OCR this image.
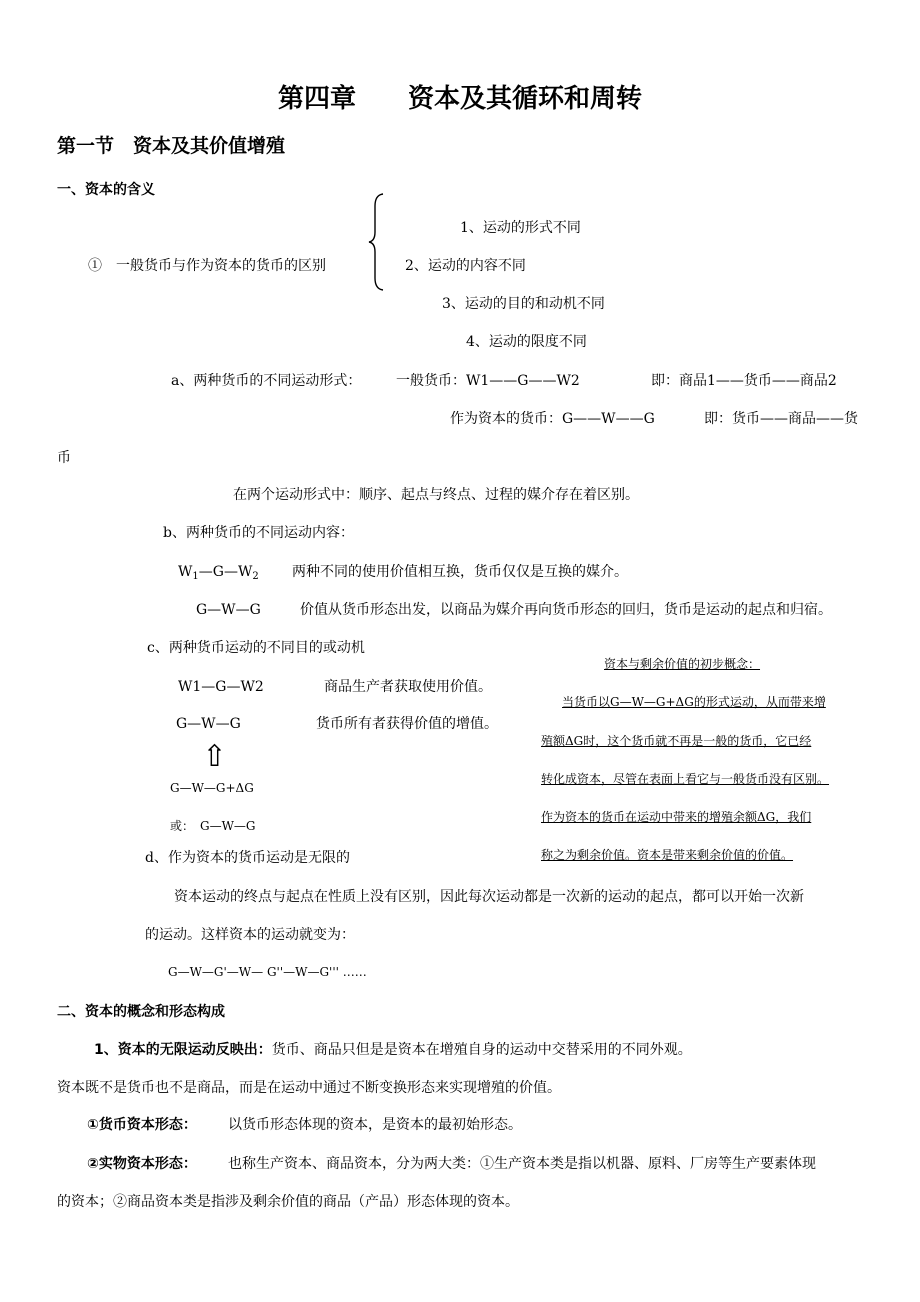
第四章　　资本及其循环和周转
第一节　资本及其价值增殖
一、资本的含义
1、运动的形式不同
①　一般货币与作为资本的货币的区别	2、运动的内容不同
3、运动的目的和动机不同
4、运动的限度不同
a、两种货币的不同运动形式： 一般货币：W1——G——W2	即：商品1——货币——商品2
作为资本的货币：G——W——G	即：货币——商品——货
币
在两个运动形式中：顺序、起点与终点、过程的媒介存在着区别。
b、两种货币的不同运动内容：
$W_1—G—W_2$ 两种不同的使用价值相互换，货币仅仅是互换的媒介。
G—W—G	价值从货币形态出发，以商品为媒介再向货币形态的回归，货币是运动的起点和归宿。
c、两种货币运动的不同目的或动机
W1—G—W2	商品生产者获取使用价值。
G—W—G	货币所有者获得价值的增值。
⇧
G—W—G+ΔG
或：　G—W—G
资本与剩余价值的初步概念：
当货币以G—W—G+ΔG的形式运动，从而带来增
殖额ΔG时，这个货币就不再是一般的货币，它已经
转化成资本，尽管在表面上看它与一般货币没有区别。
作为资本的货币在运动中带来的增殖余额ΔG，我们
称之为剩余价值。资本是带来剩余价值的价值。
d、作为资本的货币运动是无限的
资本运动的终点与起点在性质上没有区别，因此每次运动都是一次新的运动的起点，都可以开始一次新
的运动。这样资本的运动就变为：
G—W—G'—W— G''—W—G''' ……
二、资本的概念和形态构成
1、资本的无限运动反映出：货币、商品只但是是资本在增殖自身的运动中交替采用的不同外观。
资本既不是货币也不是商品，而是在运动中通过不断变换形态来实现增殖的价值。
①货币资本形态： 以货币形态体现的资本，是资本的最初始形态。
②实物资本形态： 也称生产资本、商品资本，分为两大类：①生产资本类是指以机器、原料、厂房等生产要素体现
的资本；②商品资本类是指涉及剩余价值的商品（产品）形态体现的资本。
